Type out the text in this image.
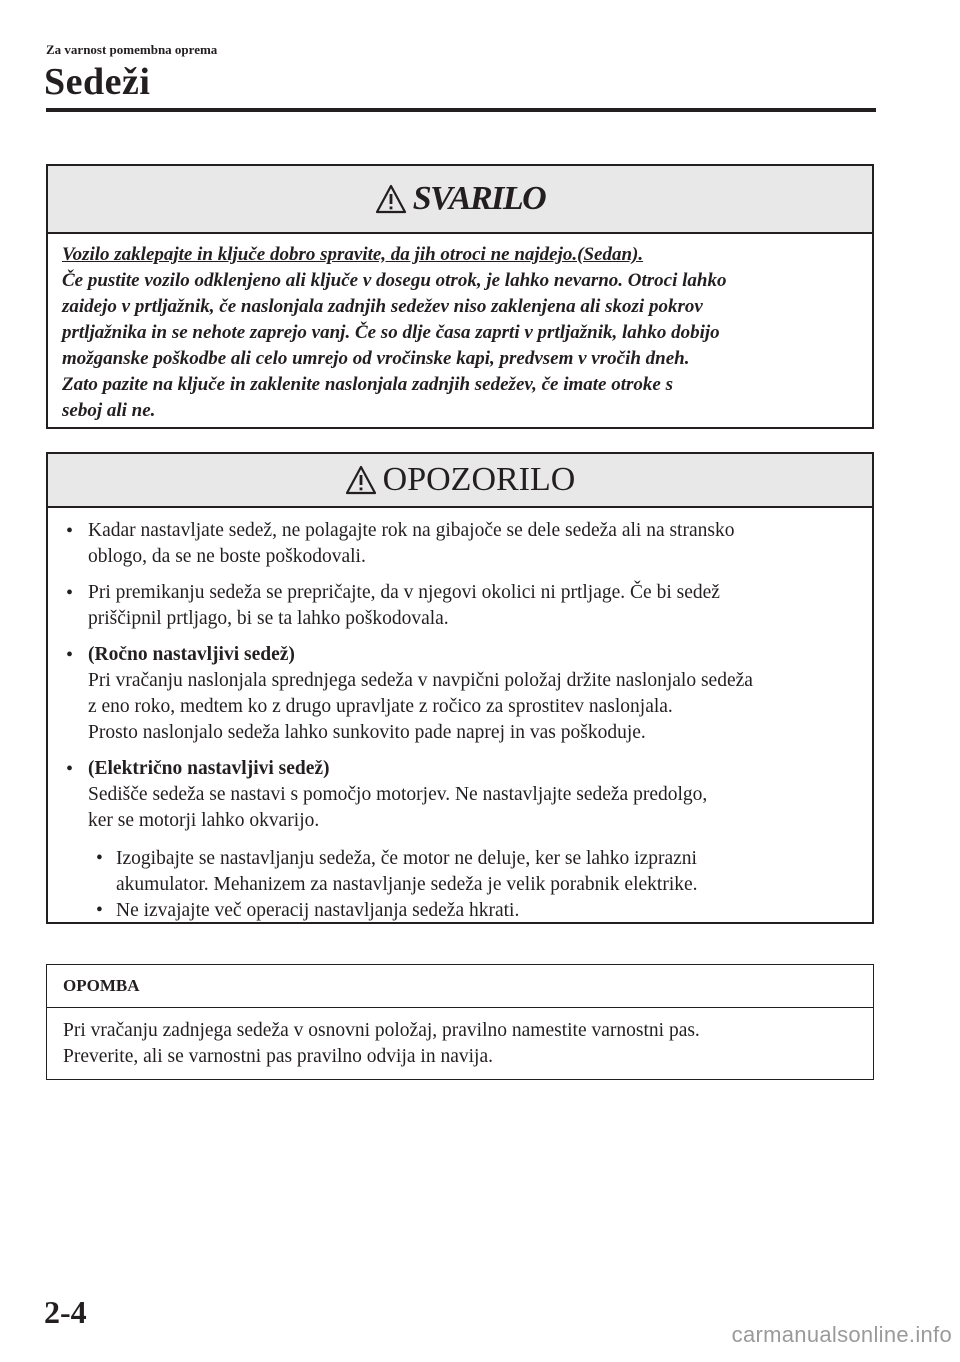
Za varnost pomembna oprema
Sedeži
SVARILO

Vozilo zaklepajte in ključe dobro spravite, da jih otroci ne najdejo.(Sedan).

Če pustite vozilo odklenjeno ali ključe v dosegu otrok, je lahko nevarno. Otroci lahko

zaidejo v prtljažnik, če naslonjala zadnjih sedežev niso zaklenjena ali skozi pokrov

prtljažnika in se nehote zaprejo vanj. Če so dlje časa zaprti v prtljažnik, lahko dobijo

možganske poškodbe ali celo umrejo od vročinske kapi, predvsem v vročih dneh.

Zato pazite na ključe in zaklenite naslonjala zadnjih sedežev, če imate otroke s

seboj ali ne.

OPOZORILO
• Kadar nastavljate sedež, ne polagajte rok na gibajoče se dele sedeža ali na stransko

oblogo, da se ne boste poškodovali.

• Pri premikanju sedeža se prepričajte, da v njegovi okolici ni prtljage. Če bi sedež

priščipnil prtljago, bi se ta lahko poškodovala.

• (Ročno nastavljivi sedež)

Pri vračanju naslonjala sprednjega sedeža v navpični položaj držite naslonjalo sedeža

z eno roko, medtem ko z drugo upravljate z ročico za sprostitev naslonjala.

Prosto naslonjalo sedeža lahko sunkovito pade naprej in vas poškoduje.

• (Električno nastavljivi sedež)

Sedišče sedeža se nastavi s pomočjo motorjev. Ne nastavljajte sedeža predolgo,

ker se motorji lahko okvarijo.

• Izogibajte se nastavljanju sedeža, če motor ne deluje, ker se lahko izprazni

akumulator. Mehanizem za nastavljanje sedeža je velik porabnik elektrike.

• Ne izvajajte več operacij nastavljanja sedeža hkrati.

OPOMBA

Pri vračanju zadnjega sedeža v osnovni položaj, pravilno namestite varnostni pas.

Preverite, ali se varnostni pas pravilno odvija in navija.

2-4
carmanualsonline.info
